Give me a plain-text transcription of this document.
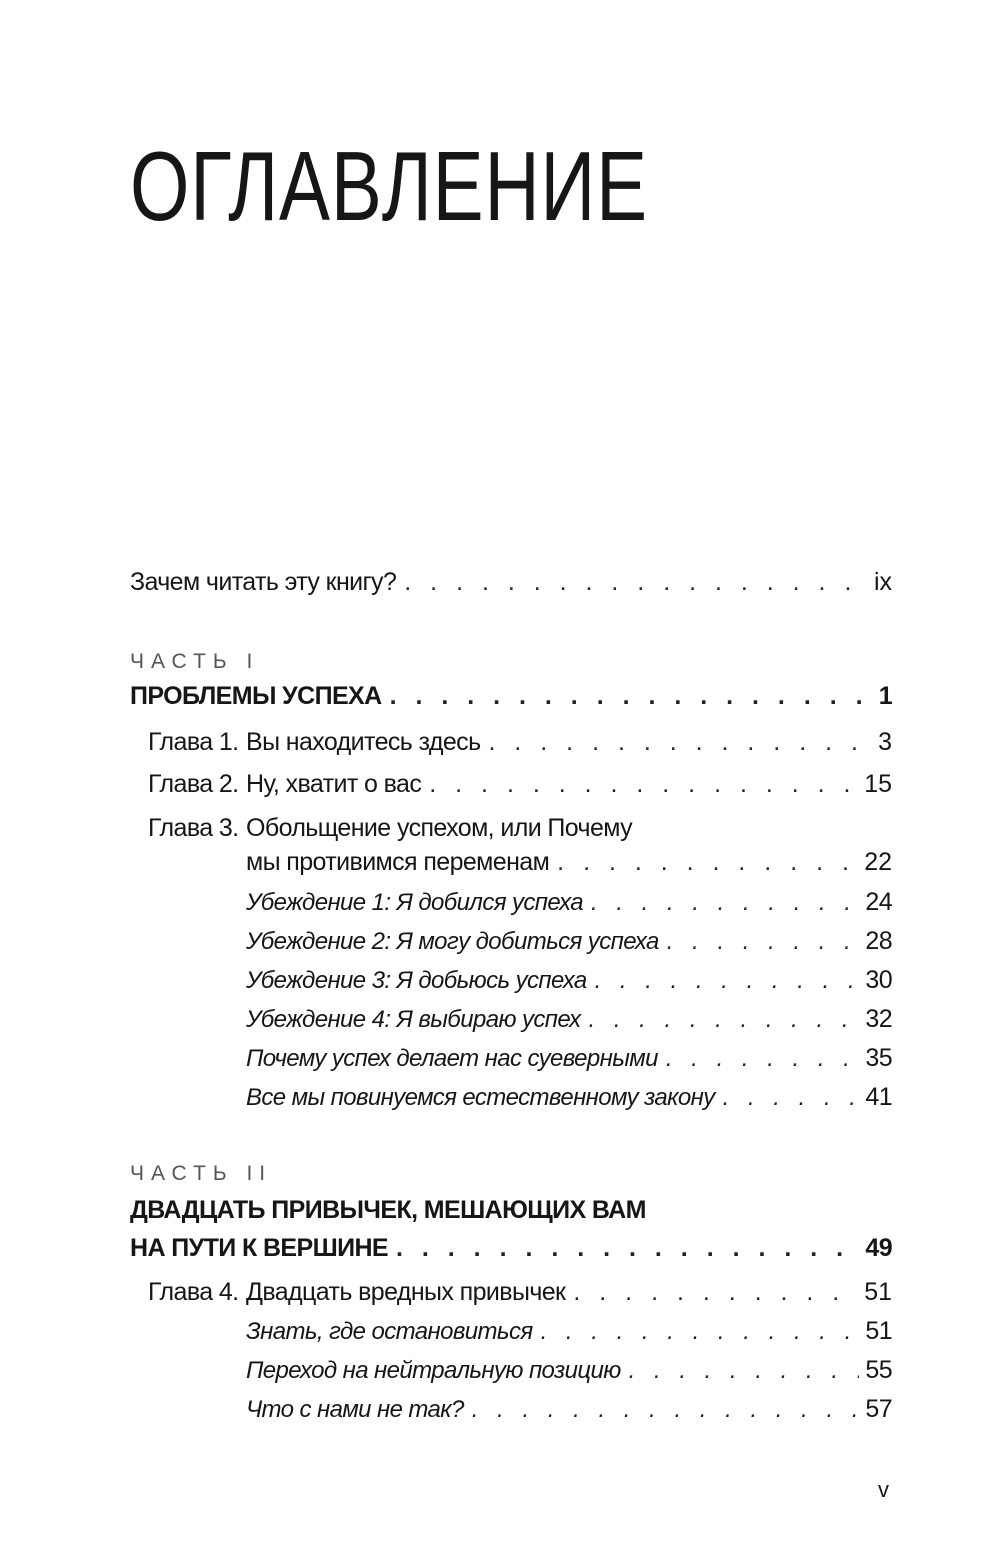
ОГЛАВЛЕНИЕ
Зачем читать эту книгу? . . .	ix
ЧАСТЬ I
ПРОБЛЕМЫ УСПЕХА . . .	1
Глава 1. Вы находитесь здесь . . .	3
Глава 2. Ну, хватит о вас . . .	15
Глава 3. Обольщение успехом, или Почему
мы противимся переменам . . .	22
Убеждение 1: Я добился успеха . . .	24
Убеждение 2: Я могу добиться успеха . . .	28
Убеждение 3: Я добьюсь успеха . . .	30
Убеждение 4: Я выбираю успех . . .	32
Почему успех делает нас суеверными . . .	35
Все мы повинуемся естественному закону . . .	41
ЧАСТЬ II
ДВАДЦАТЬ ПРИВЫЧЕК, МЕШАЮЩИХ ВАМ
НА ПУТИ К ВЕРШИНЕ . . .	49
Глава 4. Двадцать вредных привычек . . .	51
Знать, где остановиться . . .	51
Переход на нейтральную позицию . . .	55
Что с нами не так? . . .	57
v
